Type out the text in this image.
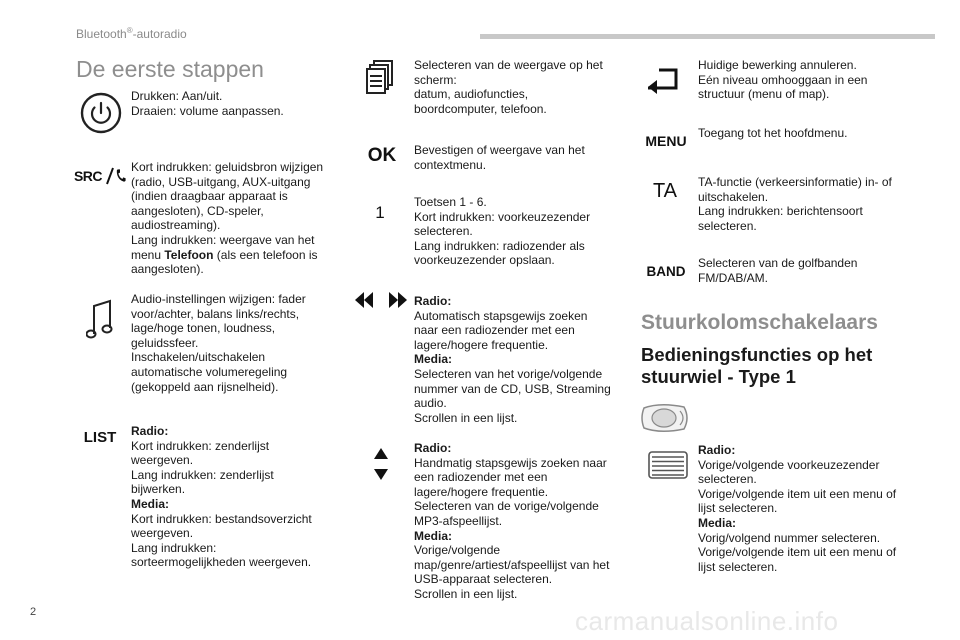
Bluetooth®-autoradio
De eerste stappen

Drukken: Aan/uit.
Draaien: volume aanpassen.

SRC

Kort indrukken: geluidsbron wijzigen (radio, USB-uitgang, AUX-uitgang (indien draagbaar apparaat is aangesloten), CD-speler, audiostreaming).
Lang indrukken: weergave van het menu Telefoon (als een telefoon is aangesloten).

Audio-instellingen wijzigen: fader voor/achter, balans links/rechts, lage/hoge tonen, loudness, geluidssfeer.
Inschakelen/uitschakelen automatische volumeregeling (gekoppeld aan rijsnelheid).

LIST Radio:
Kort indrukken: zenderlijst weergeven.
Lang indrukken: zenderlijst bijwerken.
Media:
Kort indrukken: bestandsoverzicht weergeven.
Lang indrukken: sorteermogelijkheden weergeven.

Selecteren van de weergave op het scherm:
datum, audiofuncties, boordcomputer, telefoon.

OK Bevestigen of weergave van het contextmenu.

1

Toetsen 1 - 6.
Kort indrukken: voorkeuzezender selecteren.
Lang indrukken: radiozender als voorkeuzezender opslaan.

Radio:
Automatisch stapsgewijs zoeken naar een radiozender met een lagere/hogere frequentie.
Media:
Selecteren van het vorige/volgende nummer van de CD, USB, Streaming audio.
Scrollen in een lijst.
Radio:
Handmatig stapsgewijs zoeken naar een radiozender met een lagere/hogere frequentie.
Selecteren van de vorige/volgende MP3-afspeellijst.
Media:
Vorige/volgende map/genre/artiest/afspeellijst van het USB-apparaat selecteren.
Scrollen in een lijst.

Huidige bewerking annuleren.
Eén niveau omhooggaan in een structuur (menu of map).

MENU Toegang tot het hoofdmenu.

TA TA-functie (verkeersinformatie) in- of uitschakelen.
Lang indrukken: berichtensoort selecteren.

BAND

Selecteren van de golfbanden FM/DAB/AM.

Stuurkolomschakelaars
Bedieningsfuncties op het stuurwiel - Type 1
Radio:
Vorige/volgende voorkeuzezender selecteren.
Vorige/volgende item uit een menu of lijst selecteren.
Media:
Vorig/volgend nummer selecteren.
Vorige/volgende item uit een menu of lijst selecteren.
2	carmanualsonline.info
